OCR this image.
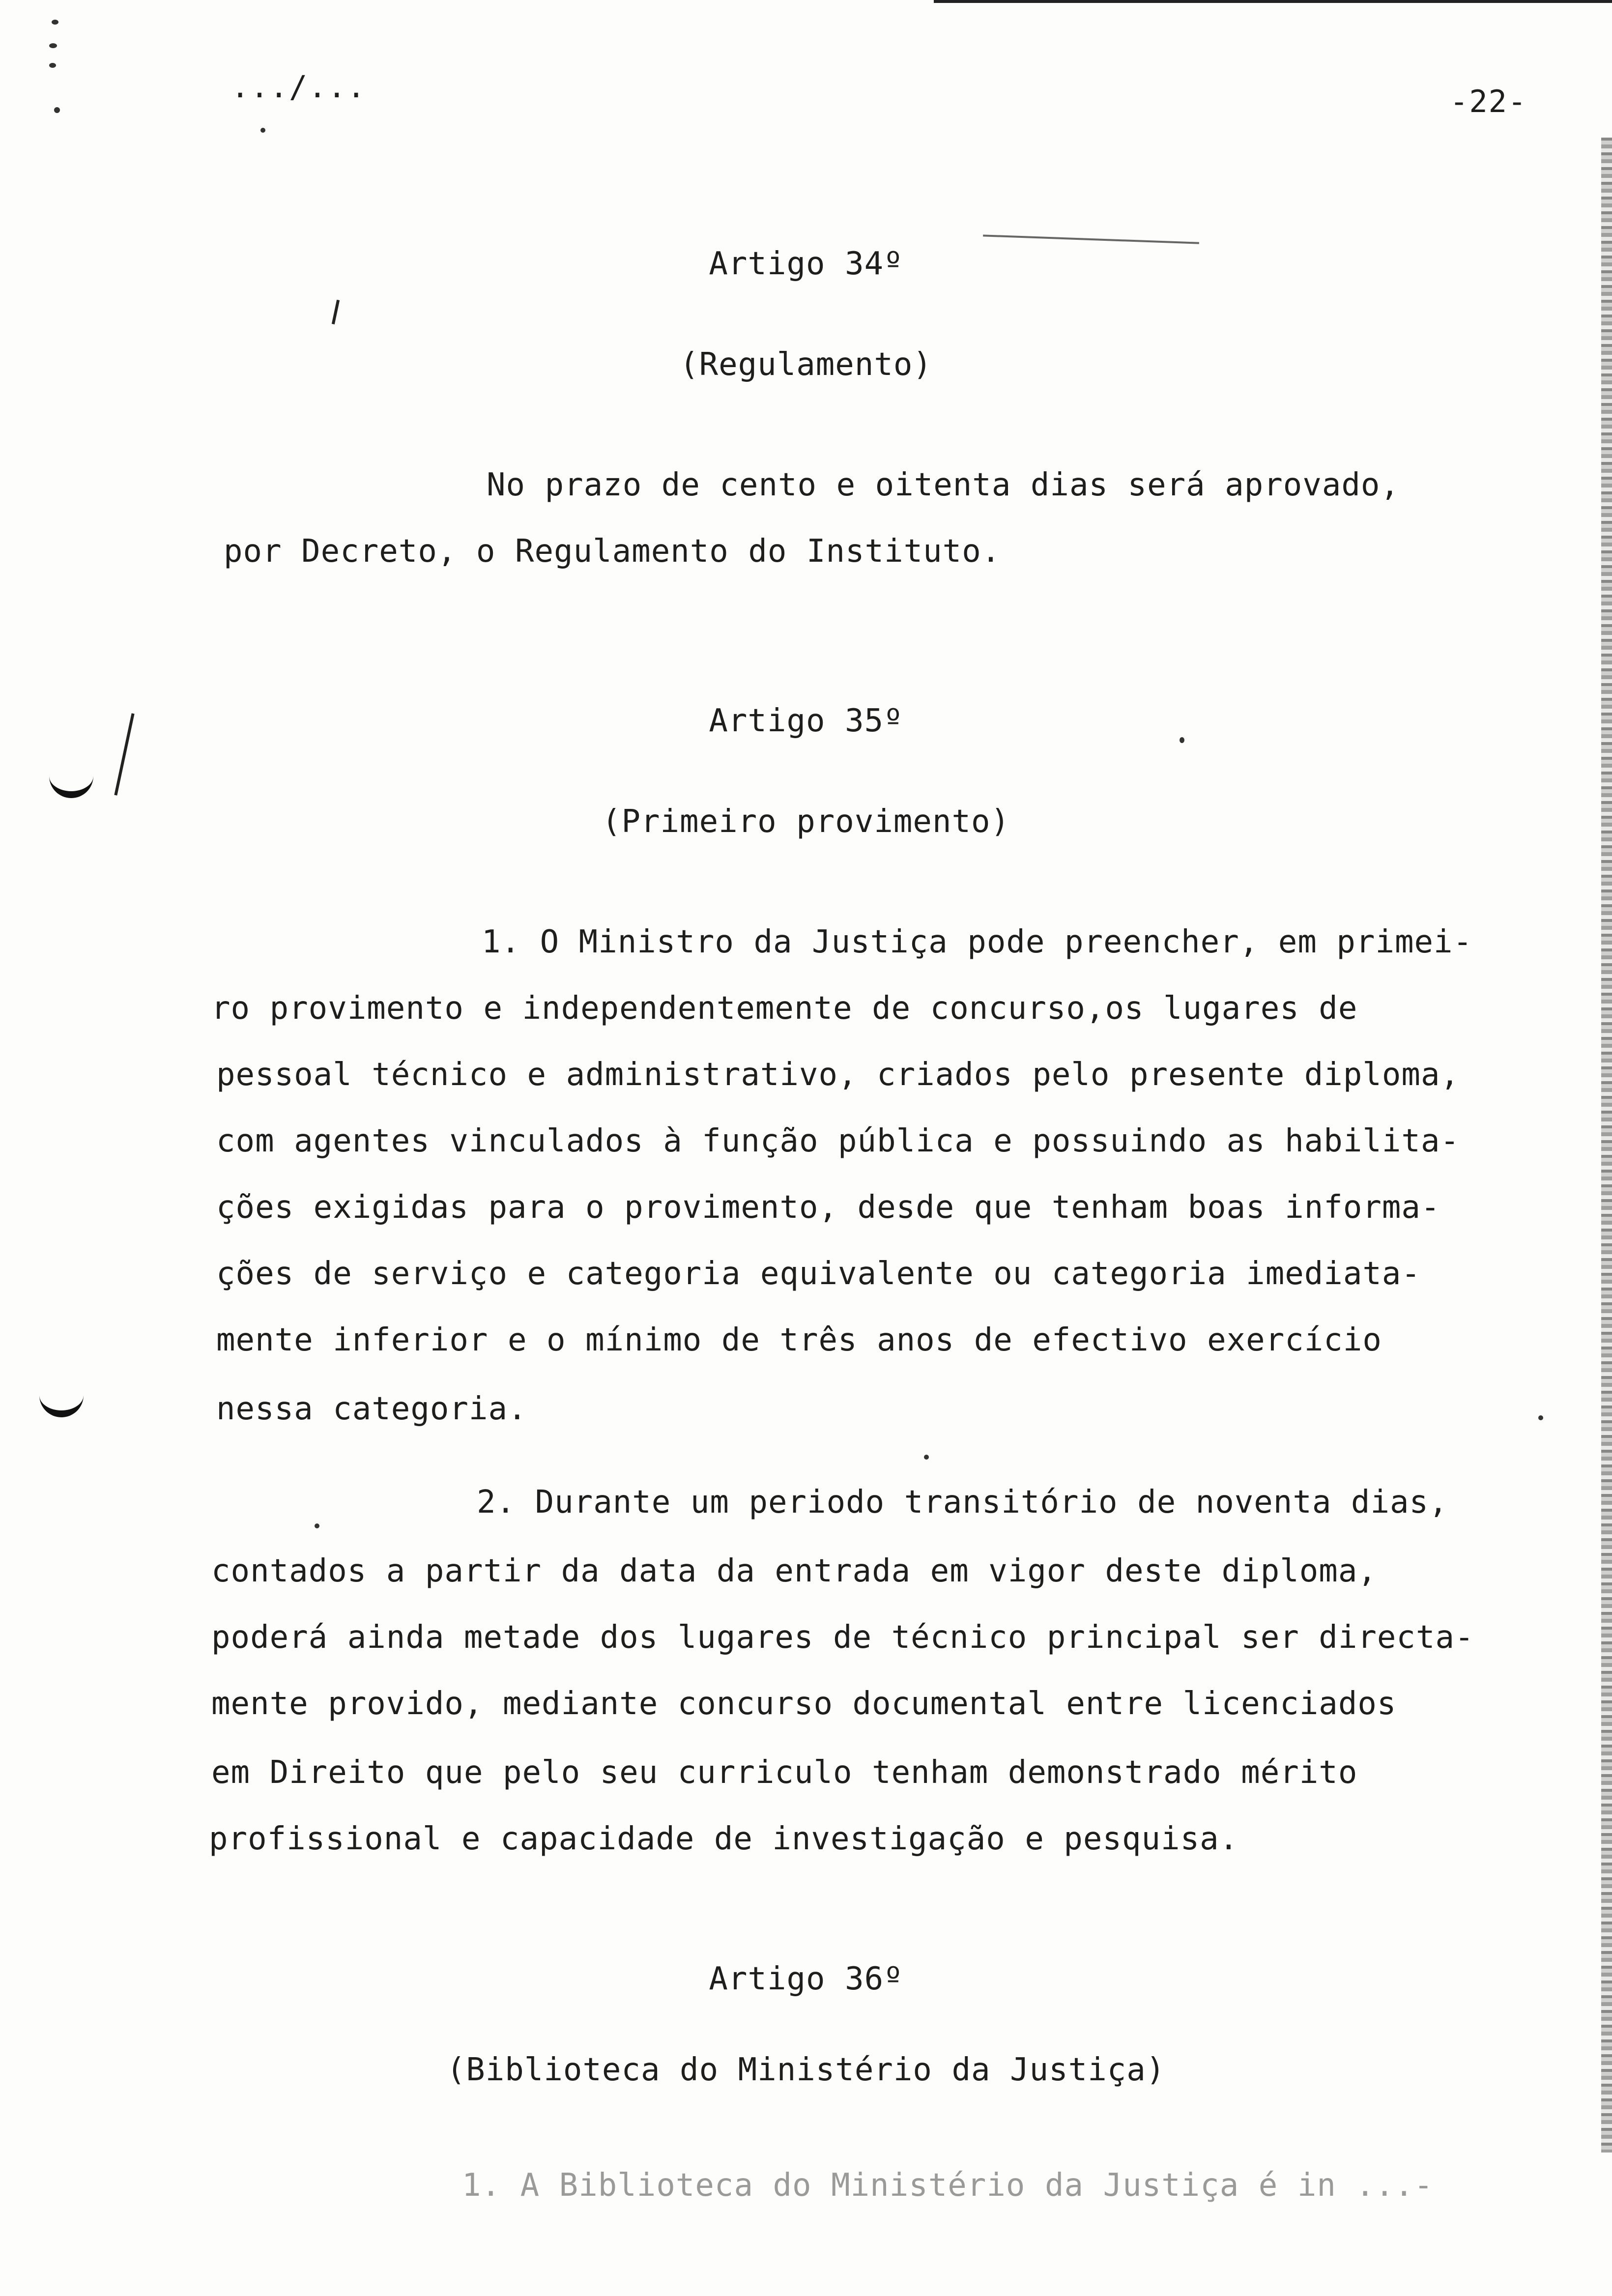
.../...	-22-
Artigo 34º
(Regulamento)
No prazo de cento e oitenta dias será aprovado,
por Decreto, o Regulamento do Instituto.
Artigo 35º
(Primeiro provimento)
1. O Ministro da Justiça pode preencher, em primei-
ro provimento e independentemente de concurso,os lugares de
pessoal técnico e administrativo, criados pelo presente diploma,
com agentes vinculados à função pública e possuindo as habilita-
ções exigidas para o provimento, desde que tenham boas informa-
ções de serviço e categoria equivalente ou categoria imediata-
mente inferior e o mínimo de três anos de efectivo exercício
nessa categoria.
2. Durante um periodo transitório de noventa dias,
contados a partir da data da entrada em vigor deste diploma,
poderá ainda metade dos lugares de técnico principal ser directa-
mente provido, mediante concurso documental entre licenciados
em Direito que pelo seu curriculo tenham demonstrado mérito
profissional e capacidade de investigação e pesquisa.
Artigo 36º
(Biblioteca do Ministério da Justiça)
1. A Biblioteca do Ministério da Justiça é in ...-
